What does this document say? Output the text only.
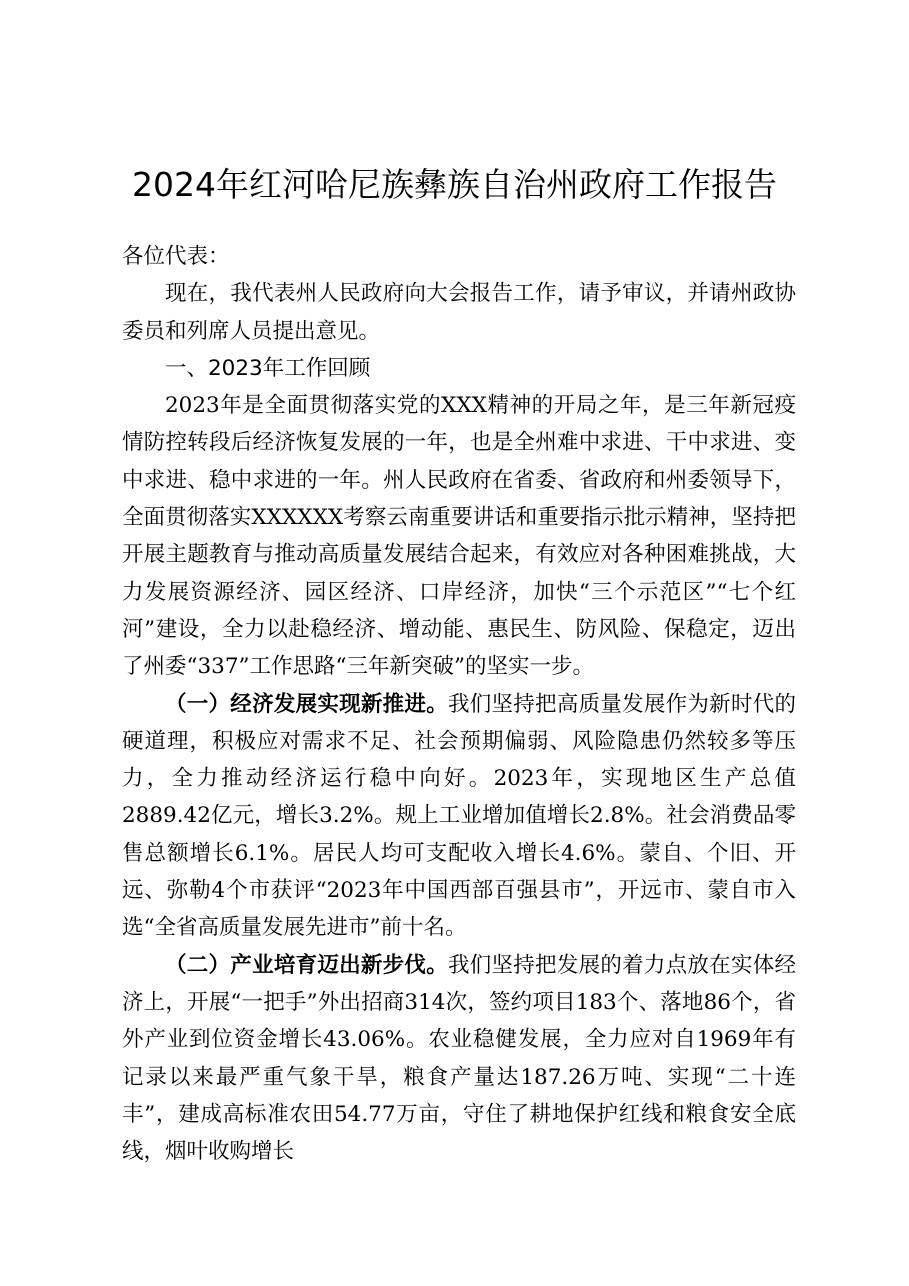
2024年红河哈尼族彝族自治州政府工作报告

各位代表：

现在，我代表州人民政府向大会报告工作，请予审议，并请州政协委员和列席人员提出意见。

一、2023年工作回顾

2023年是全面贯彻落实党的XXX精神的开局之年，是三年新冠疫情防控转段后经济恢复发展的一年，也是全州难中求进、干中求进、变中求进、稳中求进的一年。州人民政府在省委、省政府和州委领导下，全面贯彻落实XXXXXX考察云南重要讲话和重要指示批示精神，坚持把开展主题教育与推动高质量发展结合起来，有效应对各种困难挑战，大力发展资源经济、园区经济、口岸经济，加快“三个示范区”“七个红河”建设，全力以赴稳经济、增动能、惠民生、防风险、保稳定，迈出了州委“337”工作思路“三年新突破”的坚实一步。

（一）经济发展实现新推进。我们坚持把高质量发展作为新时代的硬道理，积极应对需求不足、社会预期偏弱、风险隐患仍然较多等压力，全力推动经济运行稳中向好。2023年，实现地区生产总值2889.42亿元，增长3.2%。规上工业增加值增长2.8%。社会消费品零售总额增长6.1%。居民人均可支配收入增长4.6%。蒙自、个旧、开远、弥勒4个市获评“2023年中国西部百强县市”，开远市、蒙自市入选“全省高质量发展先进市”前十名。

（二）产业培育迈出新步伐。我们坚持把发展的着力点放在实体经济上，开展“一把手”外出招商314次，签约项目183个、落地86个，省外产业到位资金增长43.06%。农业稳健发展，全力应对自1969年有记录以来最严重气象干旱，粮食产量达187.26万吨、实现“二十连丰”，建成高标准农田54.77万亩，守住了耕地保护红线和粮食安全底线，烟叶收购增长
